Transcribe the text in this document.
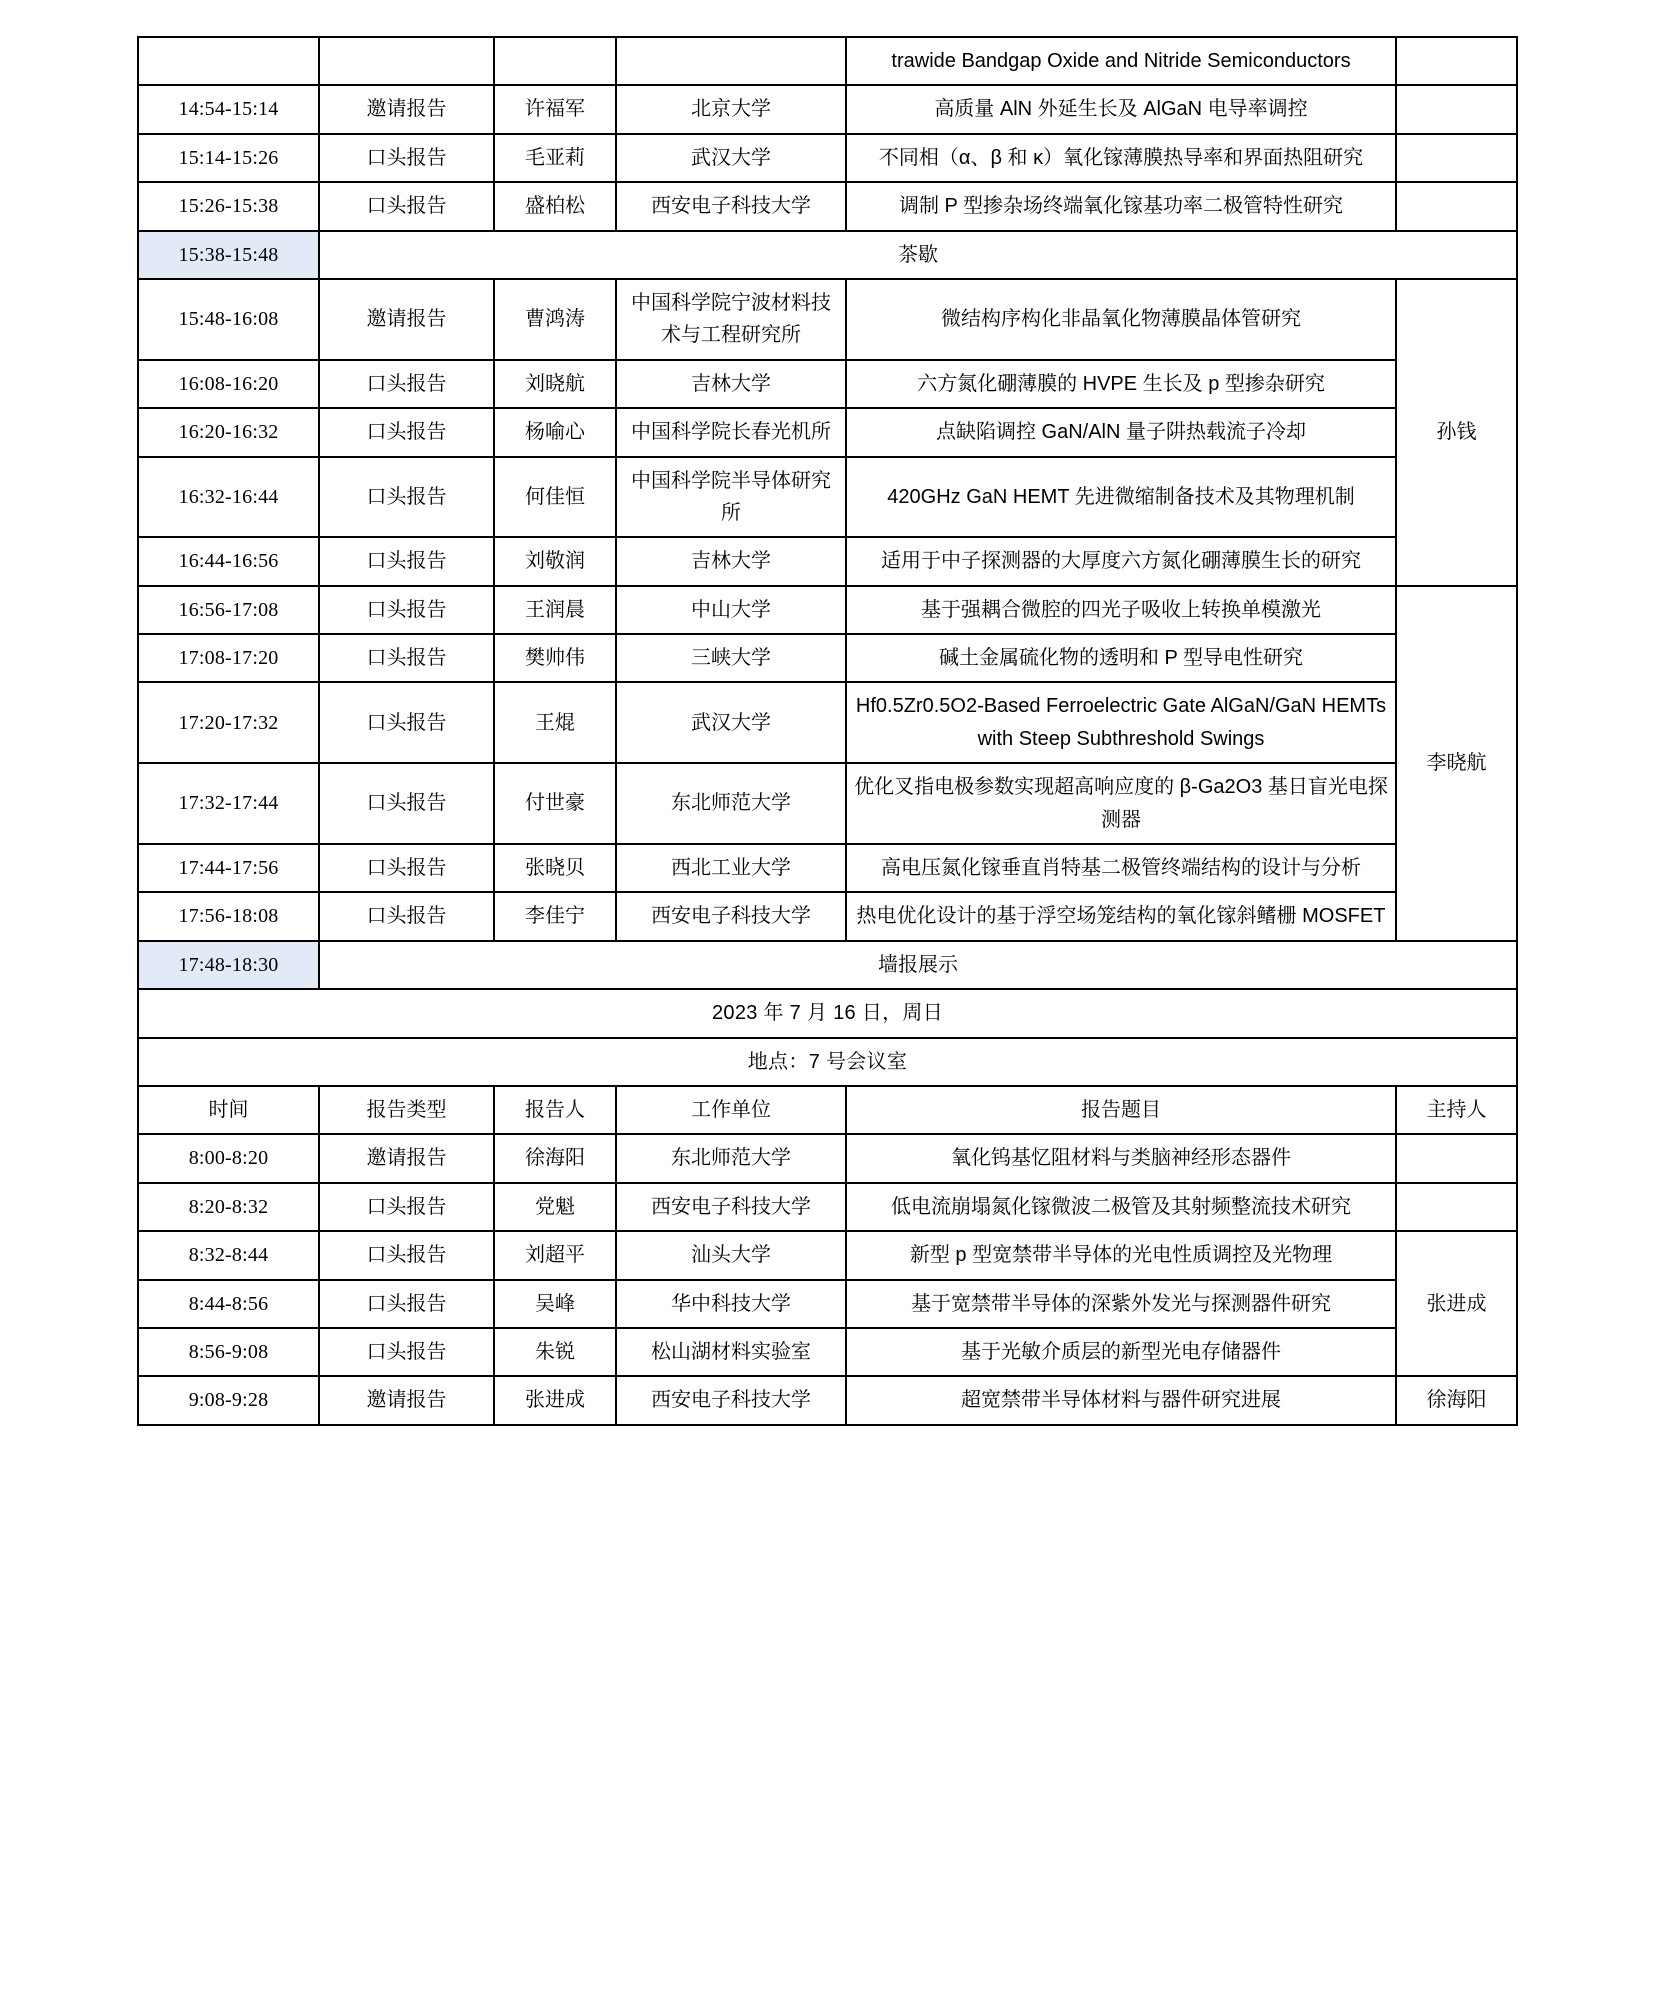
				trawide Bandgap Oxide and Nitride Semiconductors		
14:54-15:14	邀请报告	许福军	北京大学	高质量 AlN 外延生长及 AlGaN 电导率调控		
15:14-15:26	口头报告	毛亚莉	武汉大学	不同相（α、β 和 κ）氧化镓薄膜热导率和界面热阻研究		
15:26-15:38	口头报告	盛柏松	西安电子科技大学	调制 P 型掺杂场终端氧化镓基功率二极管特性研究		
15:38-15:48	茶歇					
15:48-16:08	邀请报告	曹鸿涛	中国科学院宁波材料技术与工程研究所	微结构序构化非晶氧化物薄膜晶体管研究	孙钱	
16:08-16:20	口头报告	刘晓航	吉林大学	六方氮化硼薄膜的 HVPE 生长及 p 型掺杂研究		
16:20-16:32	口头报告	杨喻心	中国科学院长春光机所	点缺陷调控 GaN/AlN 量子阱热载流子冷却		
16:32-16:44	口头报告	何佳恒	中国科学院半导体研究所	420GHz GaN HEMT 先进微缩制备技术及其物理机制		
16:44-16:56	口头报告	刘敬润	吉林大学	适用于中子探测器的大厚度六方氮化硼薄膜生长的研究		
16:56-17:08	口头报告	王润晨	中山大学	基于强耦合微腔的四光子吸收上转换单模激光	李晓航	
17:08-17:20	口头报告	樊帅伟	三峡大学	碱土金属硫化物的透明和 P 型导电性研究		
17:20-17:32	口头报告	王焜	武汉大学	Hf0.5Zr0.5O2-Based Ferroelectric Gate AlGaN/GaN HEMTs with Steep Subthreshold Swings		
17:32-17:44	口头报告	付世豪	东北师范大学	优化叉指电极参数实现超高响应度的 β-Ga2O3 基日盲光电探测器		
17:44-17:56	口头报告	张晓贝	西北工业大学	高电压氮化镓垂直肖特基二极管终端结构的设计与分析		
17:56-18:08	口头报告	李佳宁	西安电子科技大学	热电优化设计的基于浮空场笼结构的氧化镓斜鳍栅 MOSFET		
17:48-18:30	墙报展示					
2023 年 7 月 16 日，周日						
地点：7 号会议室						
时间	报告类型	报告人	工作单位	报告题目	主持人	
8:00-8:20	邀请报告	徐海阳	东北师范大学	氧化钨基忆阻材料与类脑神经形态器件		
8:20-8:32	口头报告	党魁	西安电子科技大学	低电流崩塌氮化镓微波二极管及其射频整流技术研究		
8:32-8:44	口头报告	刘超平	汕头大学	新型 p 型宽禁带半导体的光电性质调控及光物理	张进成	
8:44-8:56	口头报告	吴峰	华中科技大学	基于宽禁带半导体的深紫外发光与探测器件研究		
8:56-9:08	口头报告	朱锐	松山湖材料实验室	基于光敏介质层的新型光电存储器件		
9:08-9:28	邀请报告	张进成	西安电子科技大学	超宽禁带半导体材料与器件研究进展	徐海阳	
